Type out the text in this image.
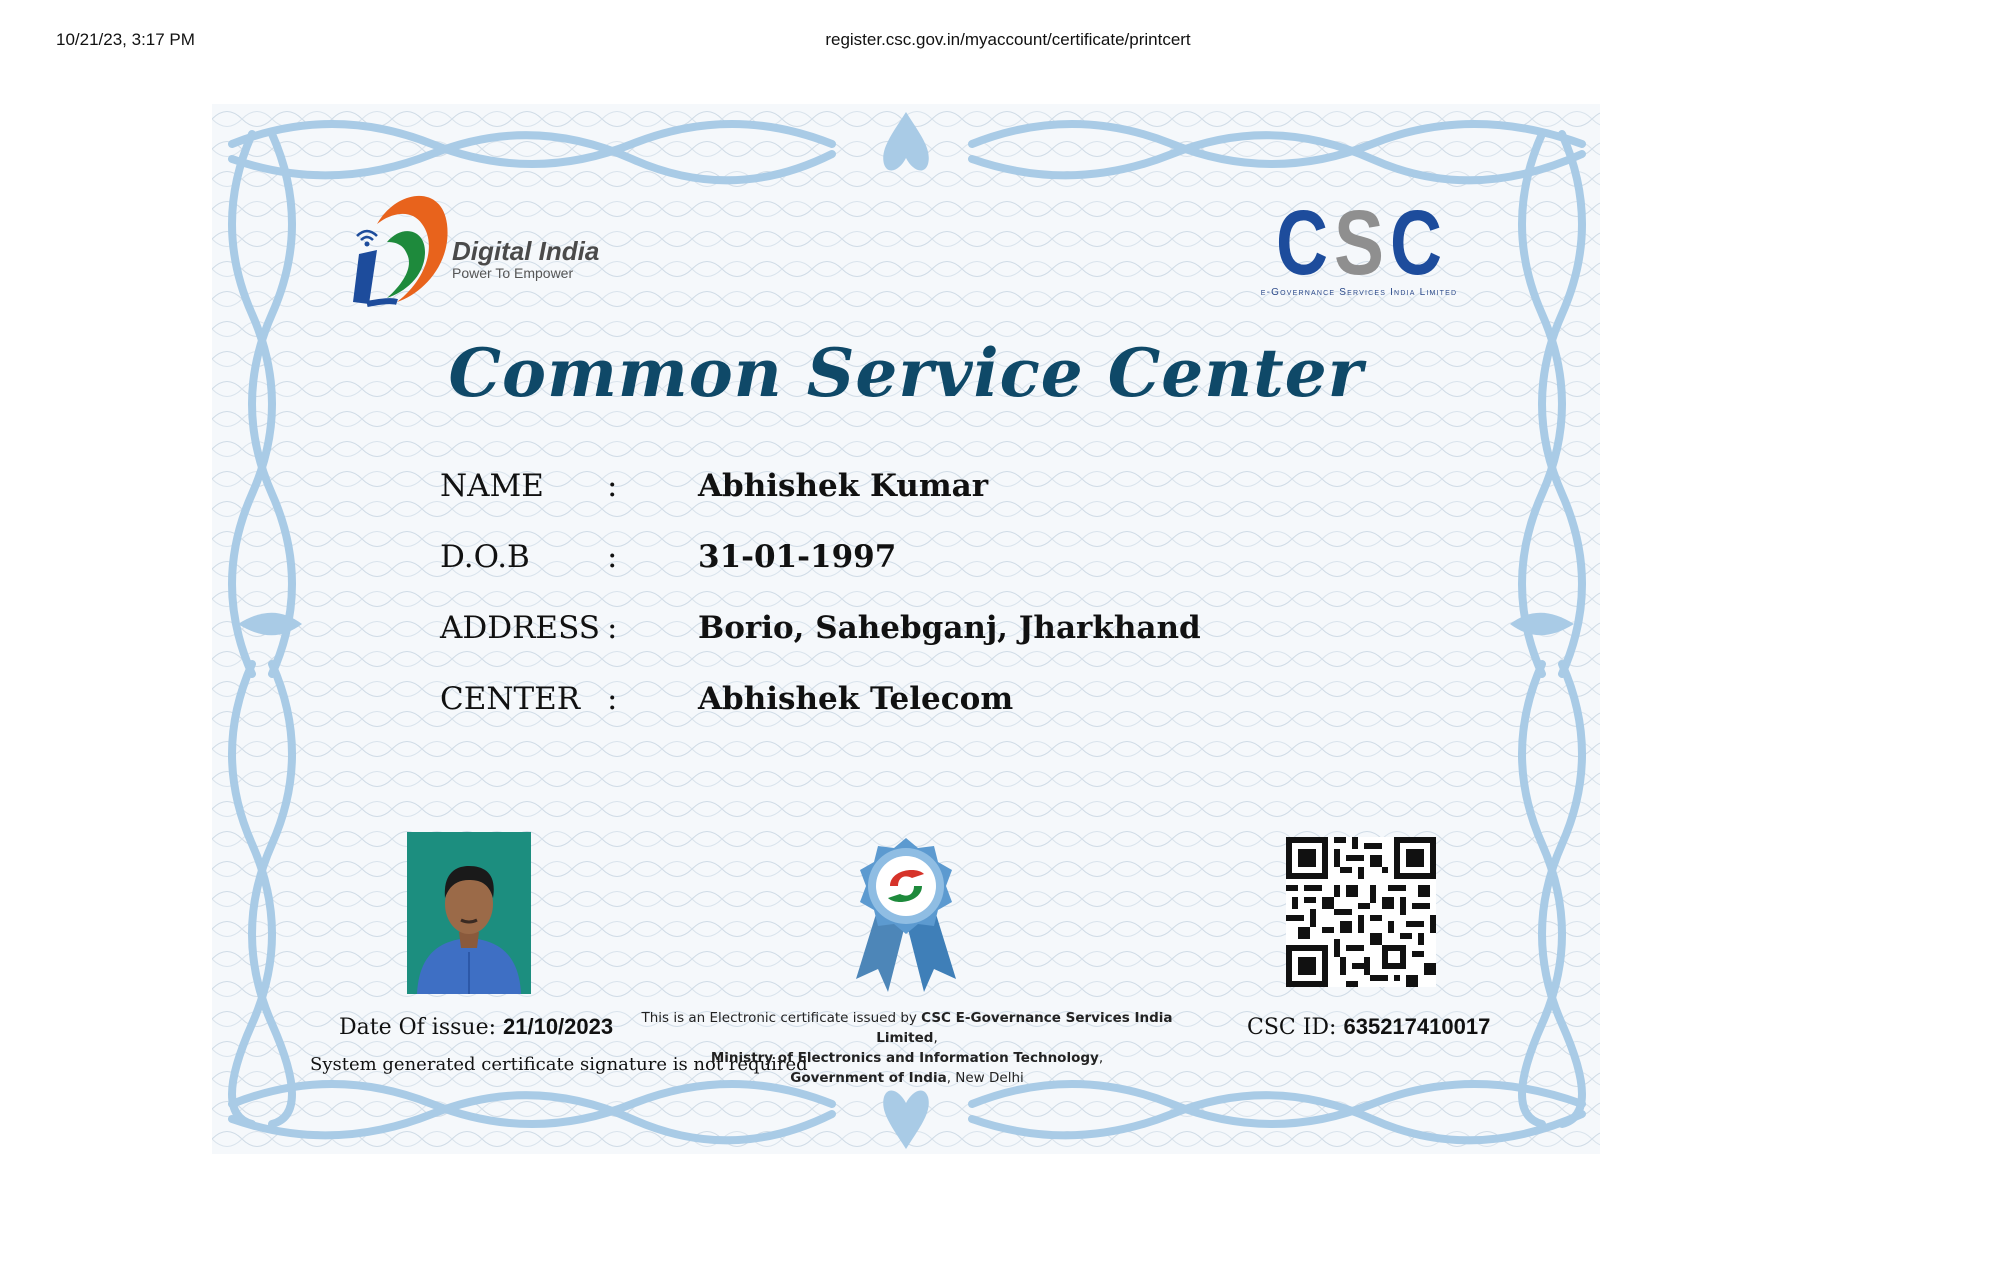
10/21/23, 3:17 PM	register.csc.gov.in/myaccount/certificate/printcert
Digital India
Power To Empower	C S C
e-Governance Services India Limited
Common Service Center
NAME :	Abhishek Kumar
D.O.B :	31-01-1997
ADDRESS :	Borio, Sahebganj, Jharkhand
CENTER :	Abhishek Telecom
Date Of issue: 21/10/2023
System generated certificate signature is not required
This is an Electronic certificate issued by CSC E-Governance Services India Limited,
Ministry of Electronics and Information Technology,
Government of India, New Delhi
CSC ID: 635217410017
